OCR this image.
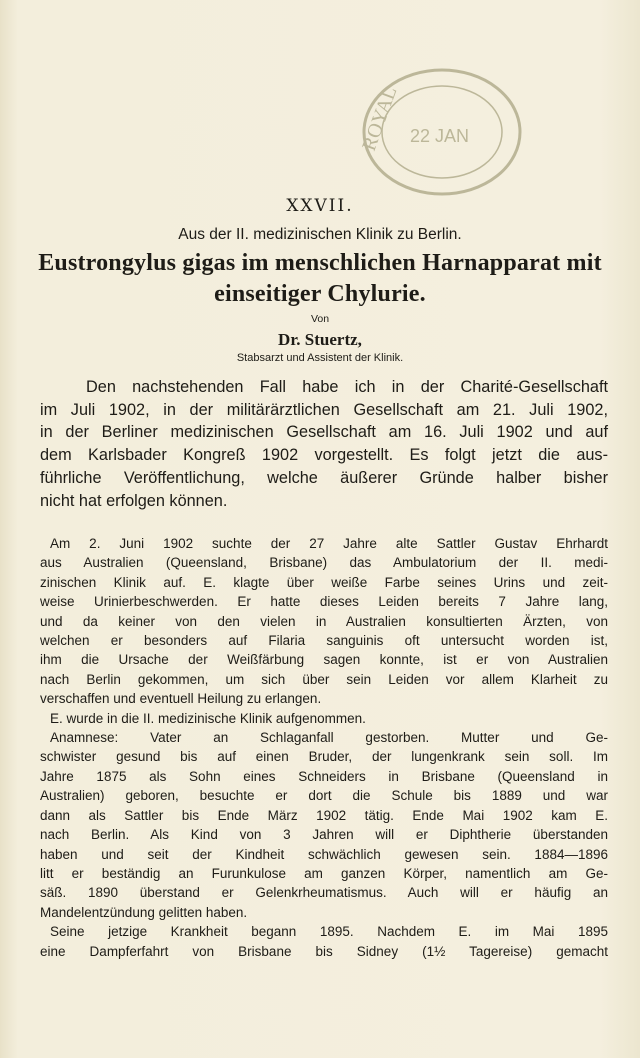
ROYAL 22 JAN
XXVII.
Aus der II. medizinischen Klinik zu Berlin.
Eustrongylus gigas im menschlichen Harnapparat mit
einseitiger Chylurie.
Von
Dr. Stuertz,
Stabsarzt und Assistent der Klinik.
Den nachstehenden Fall habe ich in der Charité-Gesellschaft
im Juli 1902, in der militärärztlichen Gesellschaft am 21. Juli 1902,
in der Berliner medizinischen Gesellschaft am 16. Juli 1902 und auf
dem Karlsbader Kongreß 1902 vorgestellt. Es folgt jetzt die aus-
führliche Veröffentlichung, welche äußerer Gründe halber bisher
nicht hat erfolgen können.
Am 2. Juni 1902 suchte der 27 Jahre alte Sattler Gustav Ehrhardt
aus Australien (Queensland, Brisbane) das Ambulatorium der II. medi-
zinischen Klinik auf. E. klagte über weiße Farbe seines Urins und zeit-
weise Urinierbeschwerden. Er hatte dieses Leiden bereits 7 Jahre lang,
und da keiner von den vielen in Australien konsultierten Ärzten, von
welchen er besonders auf Filaria sanguinis oft untersucht worden ist,
ihm die Ursache der Weißfärbung sagen konnte, ist er von Australien
nach Berlin gekommen, um sich über sein Leiden vor allem Klarheit zu
verschaffen und eventuell Heilung zu erlangen.
E. wurde in die II. medizinische Klinik aufgenommen.
Anamnese: Vater an Schlaganfall gestorben. Mutter und Ge-
schwister gesund bis auf einen Bruder, der lungenkrank sein soll. Im
Jahre 1875 als Sohn eines Schneiders in Brisbane (Queensland in
Australien) geboren, besuchte er dort die Schule bis 1889 und war
dann als Sattler bis Ende März 1902 tätig. Ende Mai 1902 kam E.
nach Berlin. Als Kind von 3 Jahren will er Diphtherie überstanden
haben und seit der Kindheit schwächlich gewesen sein. 1884—1896
litt er beständig an Furunkulose am ganzen Körper, namentlich am Ge-
säß. 1890 überstand er Gelenkrheumatismus. Auch will er häufig an
Mandelentzündung gelitten haben.
Seine jetzige Krankheit begann 1895. Nachdem E. im Mai 1895
eine Dampferfahrt von Brisbane bis Sidney (1½ Tagereise) gemacht
